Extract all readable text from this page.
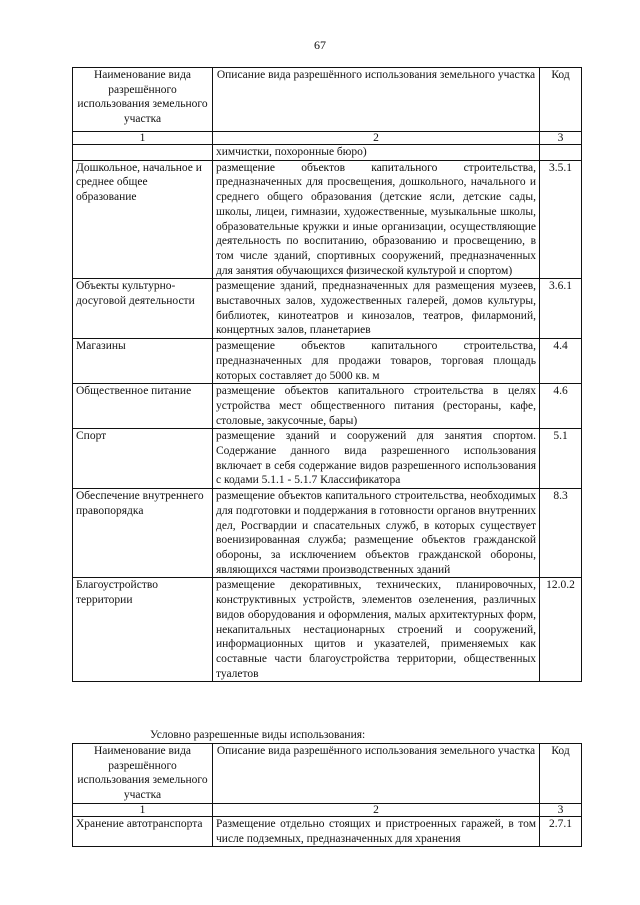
67
Наименование вида разрешённого использования земельного участка	Описание вида разрешённого использования земельного участка	Код
1	2	3
	химчистки, похоронные бюро)	
Дошкольное, начальное и среднее общее образование	размещение объектов капитального строительства, предназначенных для просвещения, дошкольного, начального и среднего общего образования (детские ясли, детские сады, школы, лицеи, гимназии, художественные, музыкальные школы, образовательные кружки и иные организации, осуществляющие деятельность по воспитанию, образованию и просвещению, в том числе зданий, спортивных сооружений, предназначенных для занятия обучающихся физической культурой и спортом)	3.5.1
Объекты культурно-досуговой деятельности	размещение зданий, предназначенных для размещения музеев, выставочных залов, художественных галерей, домов культуры, библиотек, кинотеатров и кинозалов, театров, филармоний, концертных залов, планетариев	3.6.1
Магазины	размещение объектов капитального строительства, предназначенных для продажи товаров, торговая площадь которых составляет до 5000 кв. м	4.4
Общественное питание	размещение объектов капитального строительства в целях устройства мест общественного питания (рестораны, кафе, столовые, закусочные, бары)	4.6
Спорт	размещение зданий и сооружений для занятия спортом. Содержание данного вида разрешенного использования включает в себя содержание видов разрешенного использования с кодами 5.1.1 - 5.1.7 Классификатора	5.1
Обеспечение внутреннего правопорядка	размещение объектов капитального строительства, необходимых для подготовки и поддержания в готовности органов внутренних дел, Росгвардии и спасательных служб, в которых существует военизированная служба; размещение объектов гражданской обороны, за исключением объектов гражданской обороны, являющихся частями производственных зданий	8.3
Благоустройство территории	размещение декоративных, технических, планировочных, конструктивных устройств, элементов озеленения, различных видов оборудования и оформления, малых архитектурных форм, некапитальных нестационарных строений и сооружений, информационных щитов и указателей, применяемых как составные части благоустройства территории, общественных туалетов	12.0.2
Условно разрешенные виды использования:
Наименование вида разрешённого использования земельного участка	Описание вида разрешённого использования земельного участка	Код
1	2	3
Хранение автотранспорта	Размещение отдельно стоящих и пристроенных гаражей, в том числе подземных, предназначенных для хранения	2.7.1
